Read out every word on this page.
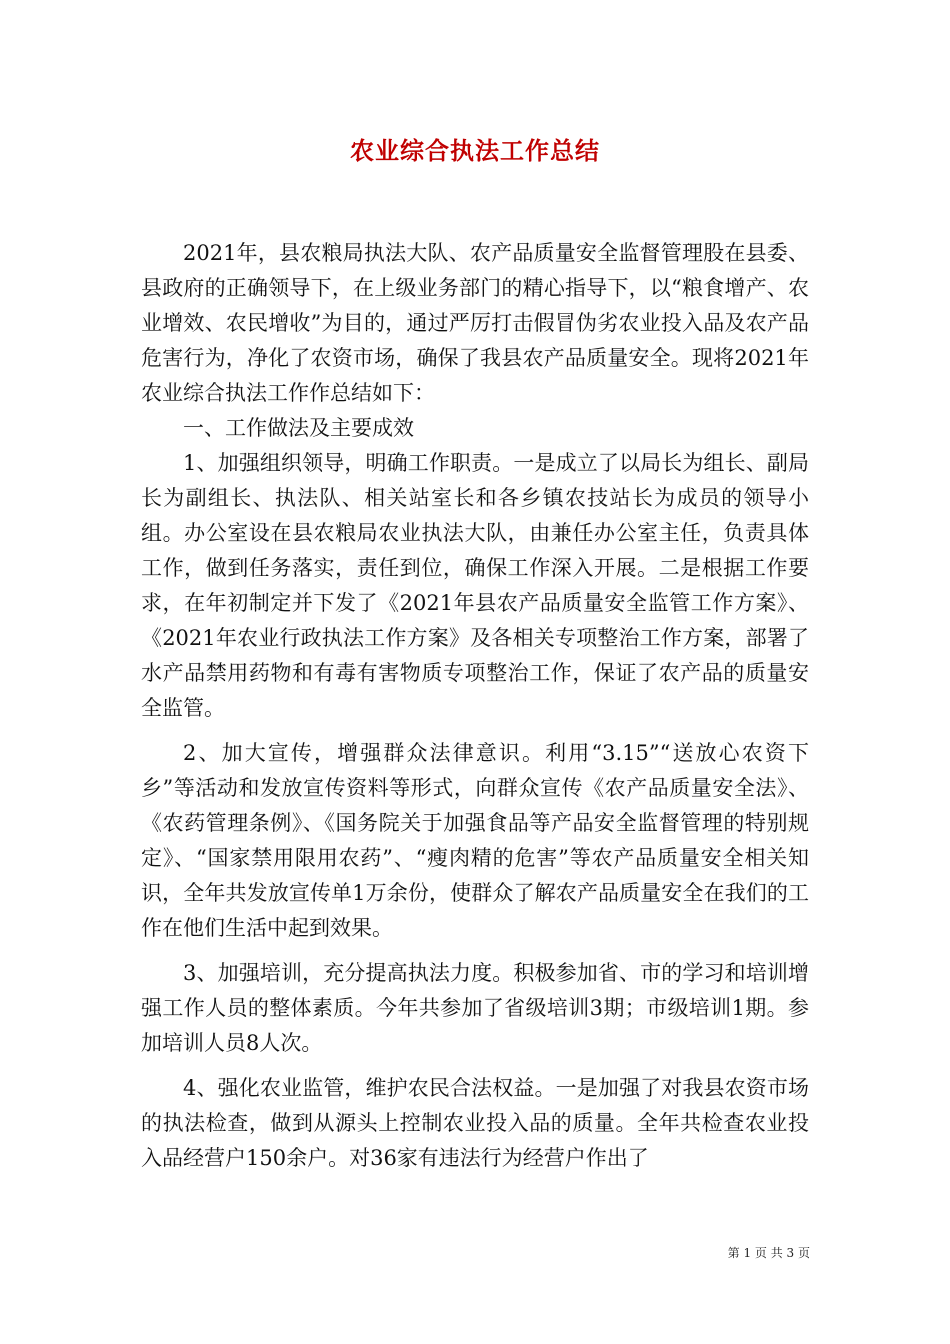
农业综合执法工作总结

2021年，县农粮局执法大队、农产品质量安全监督管理股在县委、县政府的正确领导下，在上级业务部门的精心指导下，以“粮食增产、农业增效、农民增收”为目的，通过严厉打击假冒伪劣农业投入品及农产品危害行为，净化了农资市场，确保了我县农产品质量安全。现将2021年农业综合执法工作作总结如下：

一、工作做法及主要成效

1、加强组织领导，明确工作职责。一是成立了以局长为组长、副局长为副组长、执法队、相关站室长和各乡镇农技站长为成员的领导小组。办公室设在县农粮局农业执法大队，由兼任办公室主任，负责具体工作，做到任务落实，责任到位，确保工作深入开展。二是根据工作要求，在年初制定并下发了《2021年县农产品质量安全监管工作方案》、《2021年农业行政执法工作方案》及各相关专项整治工作方案，部署了水产品禁用药物和有毒有害物质专项整治工作，保证了农产品的质量安全监管。

2、加大宣传，增强群众法律意识。利用“3.15”“送放心农资下乡”等活动和发放宣传资料等形式，向群众宣传《农产品质量安全法》、《农药管理条例》、《国务院关于加强食品等产品安全监督管理的特别规定》、“国家禁用限用农药”、“瘦肉精的危害”等农产品质量安全相关知识，全年共发放宣传单1万余份，使群众了解农产品质量安全在我们的工作在他们生活中起到效果。

3、加强培训，充分提高执法力度。积极参加省、市的学习和培训增强工作人员的整体素质。今年共参加了省级培训3期；市级培训1期。参加培训人员8人次。

4、强化农业监管，维护农民合法权益。一是加强了对我县农资市场的执法检查，做到从源头上控制农业投入品的质量。全年共检查农业投入品经营户150余户。对36家有违法行为经营户作出了

第 1 页 共 3 页
